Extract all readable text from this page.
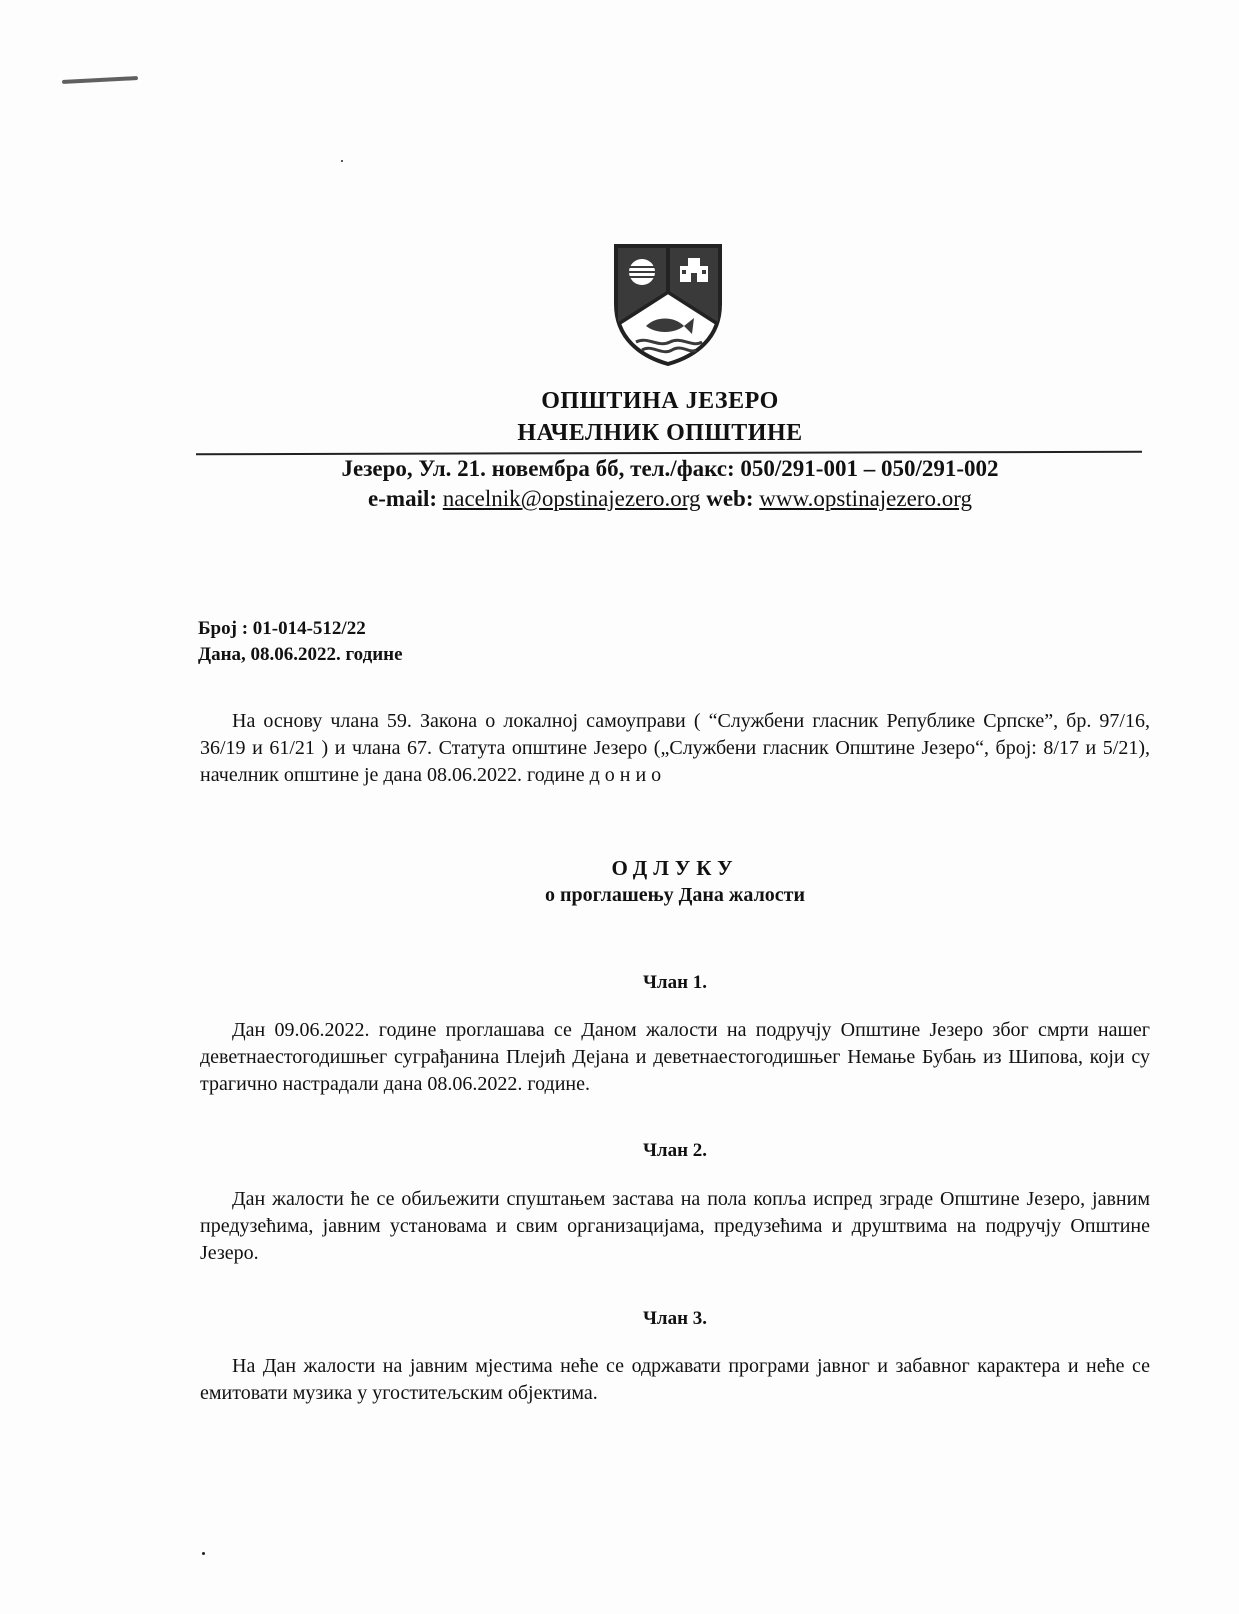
ОПШТИНА ЈЕЗЕРО
НАЧЕЛНИК ОПШТИНЕ
Језеро, Ул. 21. новембра бб, тел./факс: 050/291-001 – 050/291-002
e-mail: nacelnik@opstinajezero.org web: www.opstinajezero.org
Број : 01-014-512/22
Дана, 08.06.2022. године

На основу члана 59. Закона о локалној самоуправи ( “Службени гласник Републике Српске”, бр. 97/16, 36/19 и 61/21 ) и члана 67. Статута општине Језеро („Службени гласник Општине Језеро“, број: 8/17 и 5/21), начелник општине је дана 08.06.2022. године д о н и о

ОДЛУКУ
о проглашењу Дана жалости
Члан 1.

Дан 09.06.2022. године проглашава се Даном жалости на подручју Општине Језеро због смрти нашег деветнаестогодишњег суграђанина Плејић Дејана и деветнаестогодишњег Немање Бубањ из Шипова, који су трагично настрадали дана 08.06.2022. године.

Члан 2.

Дан жалости ће се обиљежити спуштањем застава на пола копља испред зграде Општине Језеро, јавним предузећима, јавним установама и свим организацијама, предузећима и друштвима на подручју Општине Језеро.

Члан 3.

На Дан жалости на јавним мјестима неће се одржавати програми јавног и забавног карактера и неће се емитовати музика у угоститељским објектима.
